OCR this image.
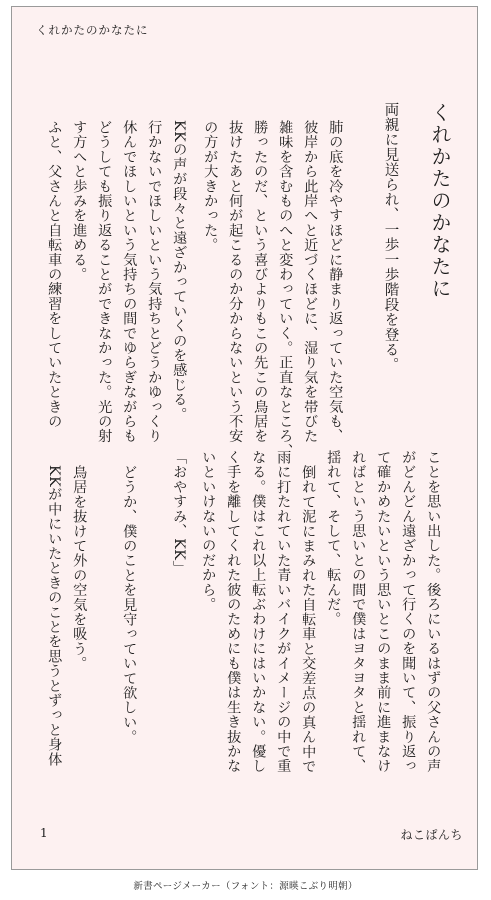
くれかたのかなたに
くれかたのかなたに
両親に見送られ、一歩一歩階段を登る。
肺の底を冷やすほどに静まり返っていた空気も、
彼岸から此岸へと近づくほどに、湿り気を帯びた
雑味を含むものへと変わっていく。正直なところ、
勝ったのだ、という喜びよりもこの先この鳥居を
抜けたあと何が起こるのか分からないという不安
の方が大きかった。
KKの声が段々と遠ざかっていくのを感じる。
行かないでほしいという気持ちとどうかゆっくり
休んでほしいという気持ちの間でゆらぎながらも
どうしても振り返ることができなかった。光の射
す方へと歩みを進める。
ふと、父さんと自転車の練習をしていたときの
ことを思い出した。後ろにいるはずの父さんの声
がどんどん遠ざかって行くのを聞いて、振り返っ
て確かめたいという思いとこのまま前に進まなけ
ればという思いとの間で僕はヨタヨタと揺れて、
揺れて、そして、転んだ。
倒れて泥にまみれた自転車と交差点の真ん中で
雨に打たれていた青いバイクがイメージの中で重
なる。僕はこれ以上転ぶわけにはいかない。優し
く手を離してくれた彼のためにも僕は生き抜かな
いといけないのだから。
「おやすみ、KK」
どうか、僕のことを見守っていて欲しい。
鳥居を抜けて外の空気を吸う。
KKが中にいたときのことを思うとずっと身体
1	ねこぱんち
新書ページメーカー（フォント：源暎こぶり明朝）
